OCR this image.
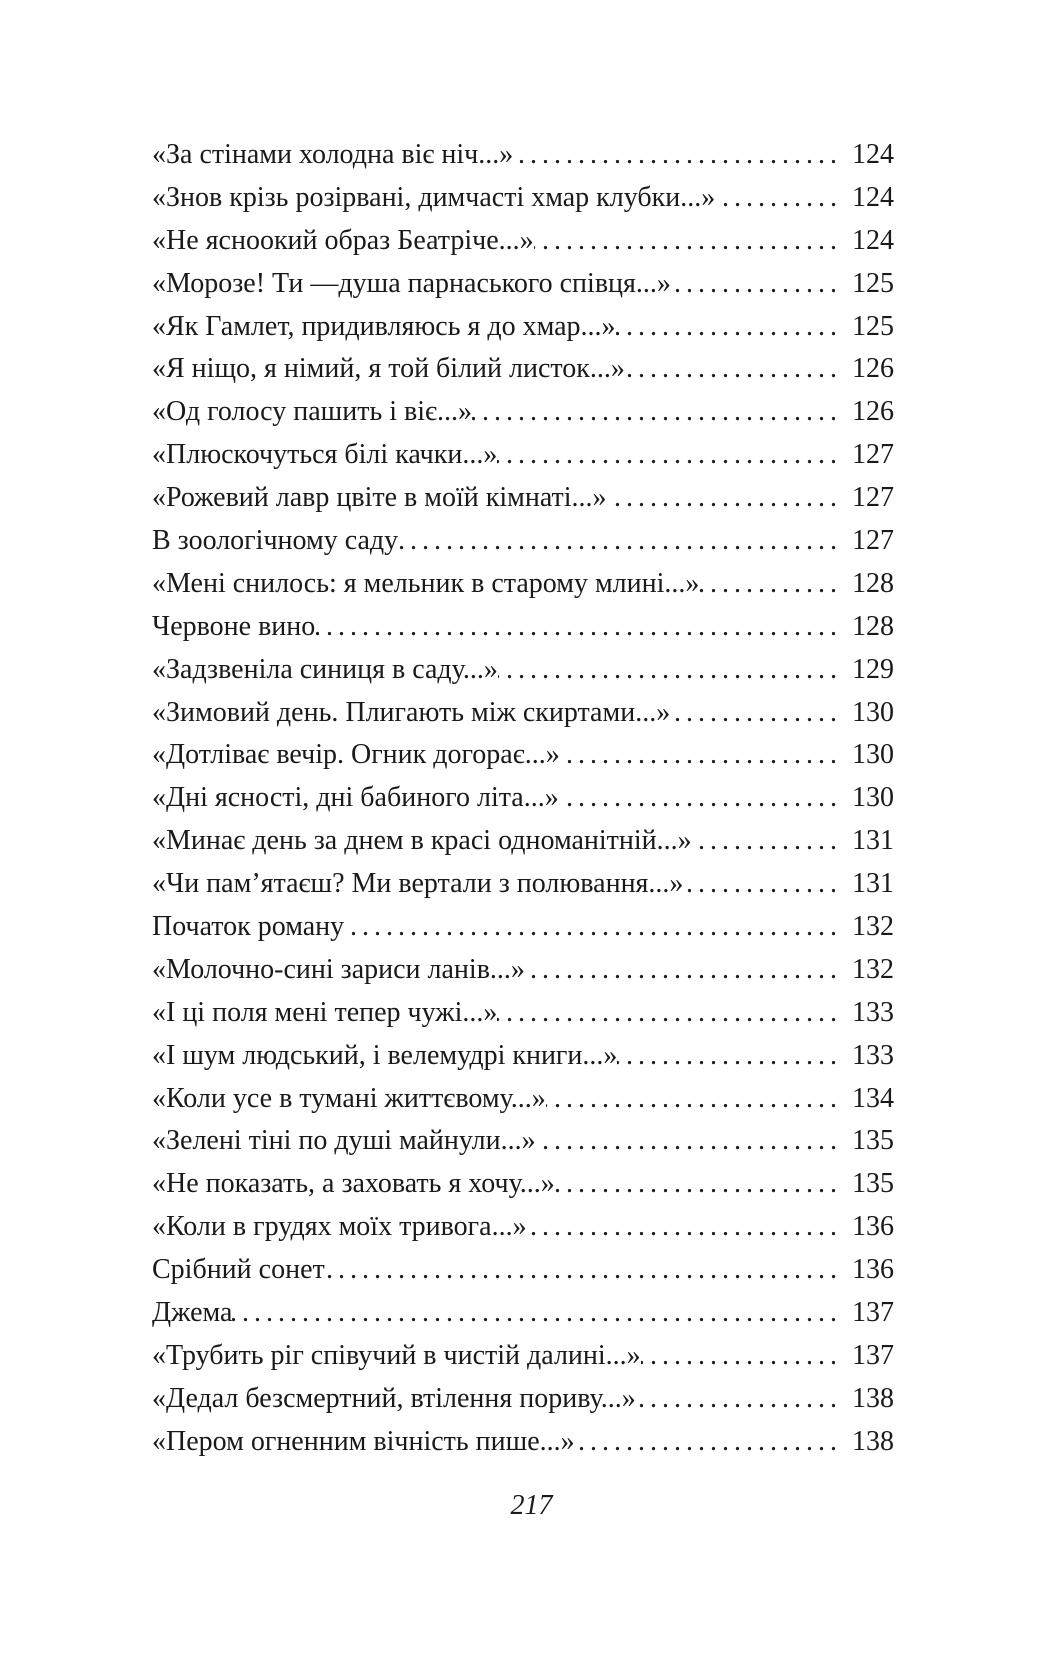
«За стінами холодна віє ніч...» .....	124
«Знов крізь розірвані, димчасті хмар клубки...» .....	124
«Не ясноокий образ Беатріче...» .....	124
«Морозе! Ти —душа парнаського співця...» .....	125
«Як Гамлет, придивляюсь я до хмар...» .....	125
«Я ніщо, я німий, я той білий листок...» .....	126
«Од голосу пашить і віє...» .....	126
«Плюскочуться білі качки...» .....	127
«Рожевий лавр цвіте в моїй кімнаті...» .....	127
В зоологічному саду .....	127
«Мені снилось: я мельник в старому млині...» .....	128
Червоне вино .....	128
«Задзвеніла синиця в саду...» .....	129
«Зимовий день. Плигають між скиртами...» .....	130
«Дотліває вечір. Огник догорає...» .....	130
«Дні ясності, дні бабиного літа...» .....	130
«Минає день за днем в красі одноманітній...» .....	131
«Чи пам’ятаєш? Ми вертали з полювання...» .....	131
Початок роману .....	132
«Молочно-сині зариси ланів...» .....	132
«І ці поля мені тепер чужі...» .....	133
«І шум людський, і велемудрі книги...» .....	133
«Коли усе в тумані життєвому...» .....	134
«Зелені тіні по душі майнули...» .....	135
«Не показать, а заховать я хочу...» .....	135
«Коли в грудях моїх тривога...» .....	136
Срібний сонет .....	136
Джема .....	137
«Трубить ріг співучий в чистій далині...» .....	137
«Дедал безсмертний, втілення пориву...» .....	138
«Пером огненним вічність пише...» .....	138
217
